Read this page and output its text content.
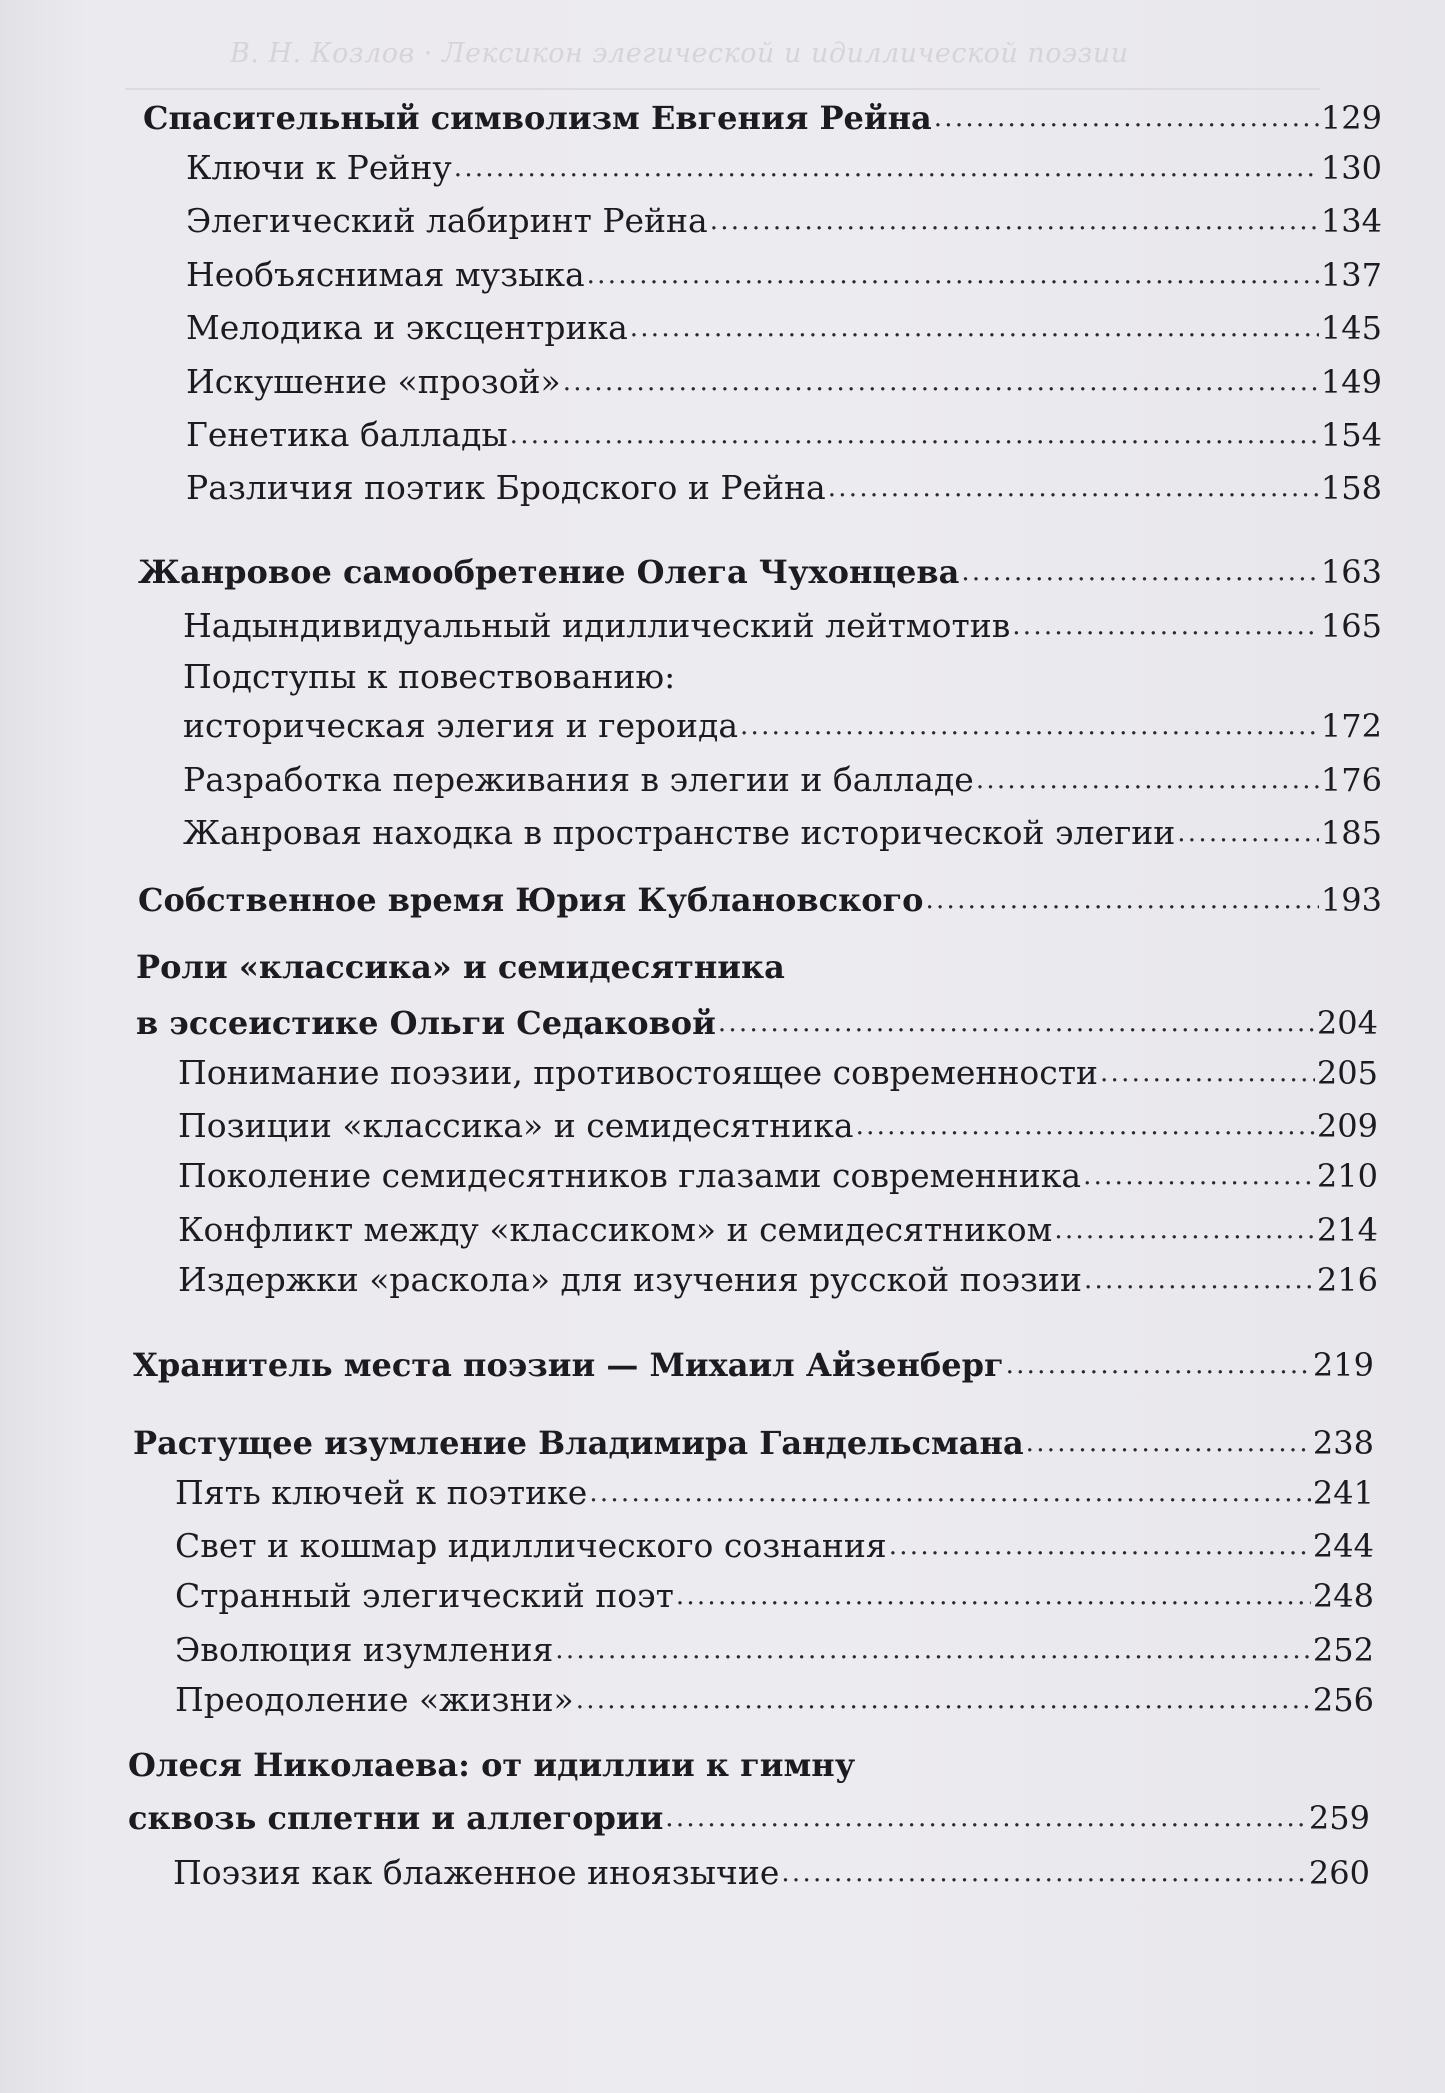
В. Н. Козлов · Лексикон элегической и идиллической поэзии
Спасительный символизм Евгения Рейна . . .	129
Ключи к Рейну . . .	130
Элегический лабиринт Рейна . . .	134
Необъяснимая музыка . . .	137
Мелодика и эксцентрика . . .	145
Искушение «прозой» . . .	149
Генетика баллады . . .	154
Различия поэтик Бродского и Рейна . . .	158
Жанровое самообретение Олега Чухонцева . . .	163
Надындивидуальный идиллический лейтмотив . . .	165
Подступы к повествованию:
историческая элегия и героида . . .	172
Разработка переживания в элегии и балладе . . .	176
Жанровая находка в пространстве исторической элегии . . .	185
Собственное время Юрия Кублановского . . .	193
Роли «классика» и семидесятника
в эссеистике Ольги Седаковой . . .	204
Понимание поэзии, противостоящее современности . . .	205
Позиции «классика» и семидесятника . . .	209
Поколение семидесятников глазами современника . . .	210
Конфликт между «классиком» и семидесятником . . .	214
Издержки «раскола» для изучения русской поэзии . . .	216
Хранитель места поэзии — Михаил Айзенберг . . .	219
Растущее изумление Владимира Гандельсмана . . .	238
Пять ключей к поэтике . . .	241
Свет и кошмар идиллического сознания . . .	244
Странный элегический поэт . . .	248
Эволюция изумления . . .	252
Преодоление «жизни» . . .	256
Олеся Николаева: от идиллии к гимну
сквозь сплетни и аллегории . . .	259
Поэзия как блаженное иноязычие . . .	260
